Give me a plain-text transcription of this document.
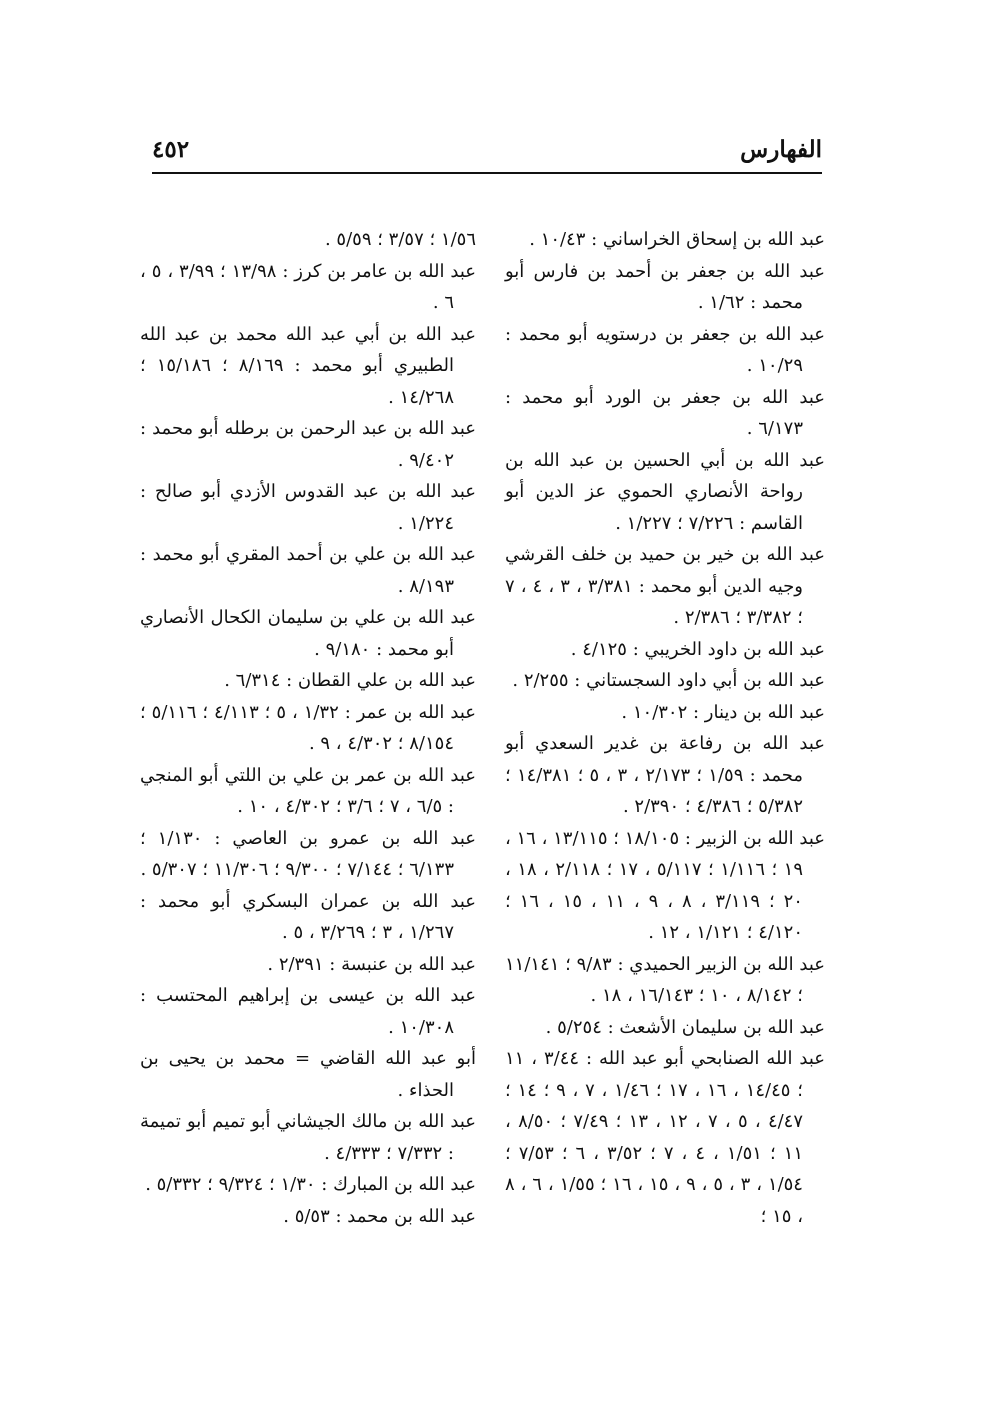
٤٥٢	الفهارس

عبد الله بن إسحاق الخراساني : ١٠/٤٣ .

عبد الله بن جعفر بن أحمد بن فارس أبو محمد : ١/٦٢ .

عبد الله بن جعفر بن درستويه أبو محمد : ١٠/٢٩ .

عبد الله بن جعفر بن الورد أبو محمد : ٦/١٧٣ .

عبد الله بن أبي الحسين بن عبد الله بن رواحة الأنصاري الحموي عز الدين أبو القاسم : ٧/٢٢٦ ؛ ١/٢٢٧ .

عبد الله بن خير بن حميد بن خلف القرشي وجيه الدين أبو محمد : ٣/٣٨١ ، ٣ ، ٤ ، ٧ ؛ ٣/٣٨٢ ؛ ٢/٣٨٦ .

عبد الله بن داود الخريبي : ٤/١٢٥ .

عبد الله بن أبي داود السجستاني : ٢/٢٥٥ .

عبد الله بن دينار : ١٠/٣٠٢ .

عبد الله بن رفاعة بن غدير السعدي أبو محمد : ١/٥٩ ؛ ٢/١٧٣ ، ٣ ، ٥ ؛ ١٤/٣٨١ ؛ ٥/٣٨٢ ؛ ٤/٣٨٦ ؛ ٢/٣٩٠ .

عبد الله بن الزبير : ١٨/١٠٥ ؛ ١٣/١١٥ ، ١٦ ، ١٩ ؛ ١/١١٦ ؛ ٥/١١٧ ، ١٧ ؛ ٢/١١٨ ، ١٨ ، ٢٠ ؛ ٣/١١٩ ، ٨ ، ٩ ، ١١ ، ١٥ ، ١٦ ؛ ٤/١٢٠ ؛ ١/١٢١ ، ١٢ .

عبد الله بن الزبير الحميدي : ٩/٨٣ ؛ ١١/١٤١ ؛ ٨/١٤٢ ، ١٠ ؛ ١٦/١٤٣ ، ١٨ .

عبد الله بن سليمان الأشعث : ٥/٢٥٤ .

عبد الله الصنابحي أبو عبد الله : ٣/٤٤ ، ١١ ؛ ١٤/٤٥ ، ١٦ ، ١٧ ؛ ١/٤٦ ، ٧ ، ٩ ؛ ١٤ ؛ ٤/٤٧ ، ٥ ، ٧ ، ١٢ ، ١٣ ؛ ٧/٤٩ ؛ ٨/٥٠ ، ١١ ؛ ١/٥١ ، ٤ ، ٧ ؛ ٣/٥٢ ، ٦ ؛ ٧/٥٣ ؛ ١/٥٤ ، ٣ ، ٥ ، ٩ ، ١٥ ، ١٦ ؛ ١/٥٥ ، ٦ ، ٨ ، ١٥ ؛

١/٥٦ ؛ ٣/٥٧ ؛ ٥/٥٩ .

عبد الله بن عامر بن كرز : ١٣/٩٨ ؛ ٣/٩٩ ، ٥ ، ٦ .

عبد الله بن أبي عبد الله محمد بن عبد الله الطبيري أبو محمد : ٨/١٦٩ ؛ ١٥/١٨٦ ؛ ١٤/٢٦٨ .

عبد الله بن عبد الرحمن بن برطله أبو محمد : ٩/٤٠٢ .

عبد الله بن عبد القدوس الأزدي أبو صالح : ١/٢٢٤ .

عبد الله بن علي بن أحمد المقري أبو محمد : ٨/١٩٣ .

عبد الله بن علي بن سليمان الكحال الأنصاري أبو محمد : ٩/١٨٠ .

عبد الله بن علي القطان : ٦/٣١٤ .

عبد الله بن عمر : ١/٣٢ ، ٥ ؛ ٤/١١٣ ؛ ٥/١١٦ ؛ ٨/١٥٤ ؛ ٤/٣٠٢ ، ٩ .

عبد الله بن عمر بن علي بن اللتي أبو المنجي : ٦/٥ ، ٧ ؛ ٣/٦ ؛ ٤/٣٠٢ ، ١٠ .

عبد الله بن عمرو بن العاصي : ١/١٣٠ ؛ ٦/١٣٣ ؛ ٧/١٤٤ ؛ ٩/٣٠٠ ؛ ١١/٣٠٦ ؛ ٥/٣٠٧ .

عبد الله بن عمران البسكري أبو محمد : ١/٢٦٧ ، ٣ ؛ ٣/٢٦٩ ، ٥ .

عبد الله بن عنبسة : ٢/٣٩١ .

عبد الله بن عيسى بن إبراهيم المحتسب : ١٠/٣٠٨ .

أبو عبد الله القاضي = محمد بن يحيى بن الحذاء .

عبد الله بن مالك الجيشاني أبو تميم أبو تميمة : ٧/٣٣٢ ؛ ٤/٣٣٣ .

عبد الله بن المبارك : ١/٣٠ ؛ ٩/٣٢٤ ؛ ٥/٣٣٢ .

عبد الله بن محمد : ٥/٥٣ .
